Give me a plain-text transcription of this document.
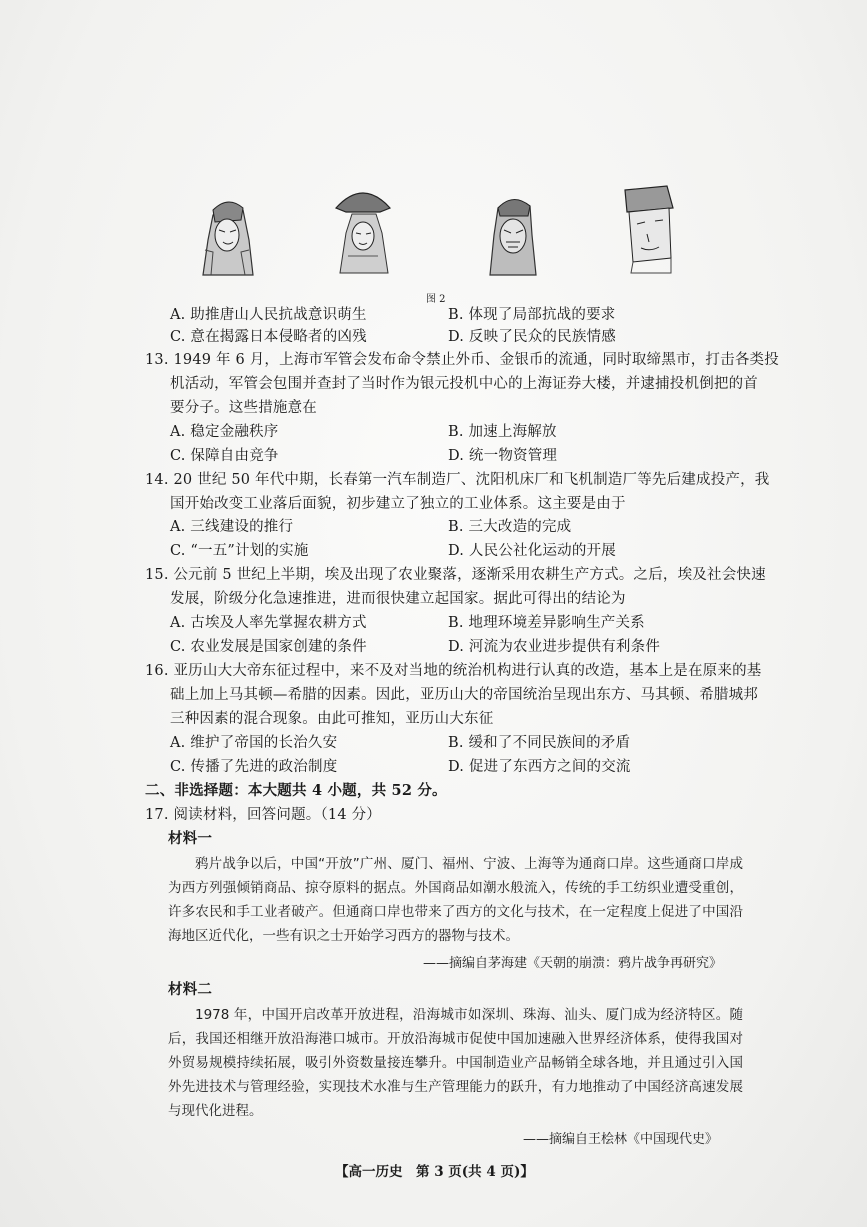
图 2
A. 助推唐山人民抗战意识萌生	B. 体现了局部抗战的要求
C. 意在揭露日本侵略者的凶残	D. 反映了民众的民族情感
13. 1949 年 6 月，上海市军管会发布命令禁止外币、金银币的流通，同时取缔黑市，打击各类投
机活动，军管会包围并查封了当时作为银元投机中心的上海证券大楼，并逮捕投机倒把的首
要分子。这些措施意在
A. 稳定金融秩序	B. 加速上海解放
C. 保障自由竞争	D. 统一物资管理
14. 20 世纪 50 年代中期，长春第一汽车制造厂、沈阳机床厂和飞机制造厂等先后建成投产，我
国开始改变工业落后面貌，初步建立了独立的工业体系。这主要是由于
A. 三线建设的推行	B. 三大改造的完成
C. “一五”计划的实施	D. 人民公社化运动的开展
15. 公元前 5 世纪上半期，埃及出现了农业聚落，逐渐采用农耕生产方式。之后，埃及社会快速
发展，阶级分化急速推进，进而很快建立起国家。据此可得出的结论为
A. 古埃及人率先掌握农耕方式	B. 地理环境差异影响生产关系
C. 农业发展是国家创建的条件	D. 河流为农业进步提供有利条件
16. 亚历山大大帝东征过程中，来不及对当地的统治机构进行认真的改造，基本上是在原来的基
础上加上马其顿—希腊的因素。因此，亚历山大的帝国统治呈现出东方、马其顿、希腊城邦
三种因素的混合现象。由此可推知，亚历山大东征
A. 维护了帝国的长治久安	B. 缓和了不同民族间的矛盾
C. 传播了先进的政治制度	D. 促进了东西方之间的交流
二、非选择题：本大题共 4 小题，共 52 分。
17. 阅读材料，回答问题。（14 分）
材料一

鸦片战争以后，中国“开放”广州、厦门、福州、宁波、上海等为通商口岸。这些通商口岸成为西方列强倾销商品、掠夺原料的据点。外国商品如潮水般流入，传统的手工纺织业遭受重创，许多农民和手工业者破产。但通商口岸也带来了西方的文化与技术，在一定程度上促进了中国沿海地区近代化，一些有识之士开始学习西方的器物与技术。

——摘编自茅海建《天朝的崩溃：鸦片战争再研究》
材料二

1978 年，中国开启改革开放进程，沿海城市如深圳、珠海、汕头、厦门成为经济特区。随后，我国还相继开放沿海港口城市。开放沿海城市促使中国加速融入世界经济体系，使得我国对外贸易规模持续拓展，吸引外资数量接连攀升。中国制造业产品畅销全球各地，并且通过引入国外先进技术与管理经验，实现技术水准与生产管理能力的跃升，有力地推动了中国经济高速发展与现代化进程。

——摘编自王桧林《中国现代史》
【高一历史　第 3 页(共 4 页)】
